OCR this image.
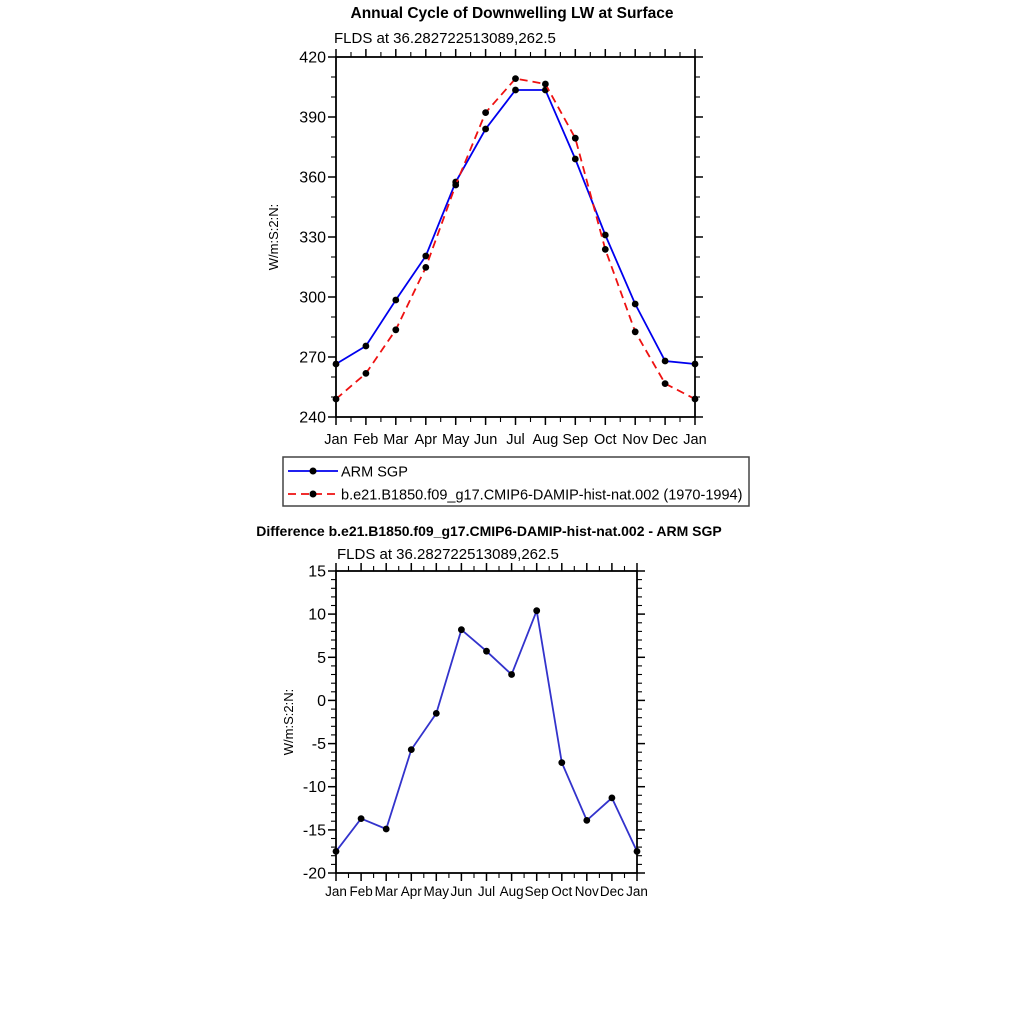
Annual Cycle of Downwelling LW at Surface
FLDS at 36.282722513089,262.5
W/m:S:2:N:
240
270
300
330
360
390
420
Jan Feb Mar Apr May Jun Jul Aug Sep Oct Nov Dec Jan
ARM SGP
b.e21.B1850.f09_g17.CMIP6-DAMIP-hist-nat.002 (1970-1994)
Difference b.e21.B1850.f09_g17.CMIP6-DAMIP-hist-nat.002 - ARM SGP
FLDS at 36.282722513089,262.5
W/m:S:2:N:
-20
-15
-10
-5
0
5
10
15
Jan Feb Mar Apr May Jun Jul Aug Sep Oct Nov Dec Jan
